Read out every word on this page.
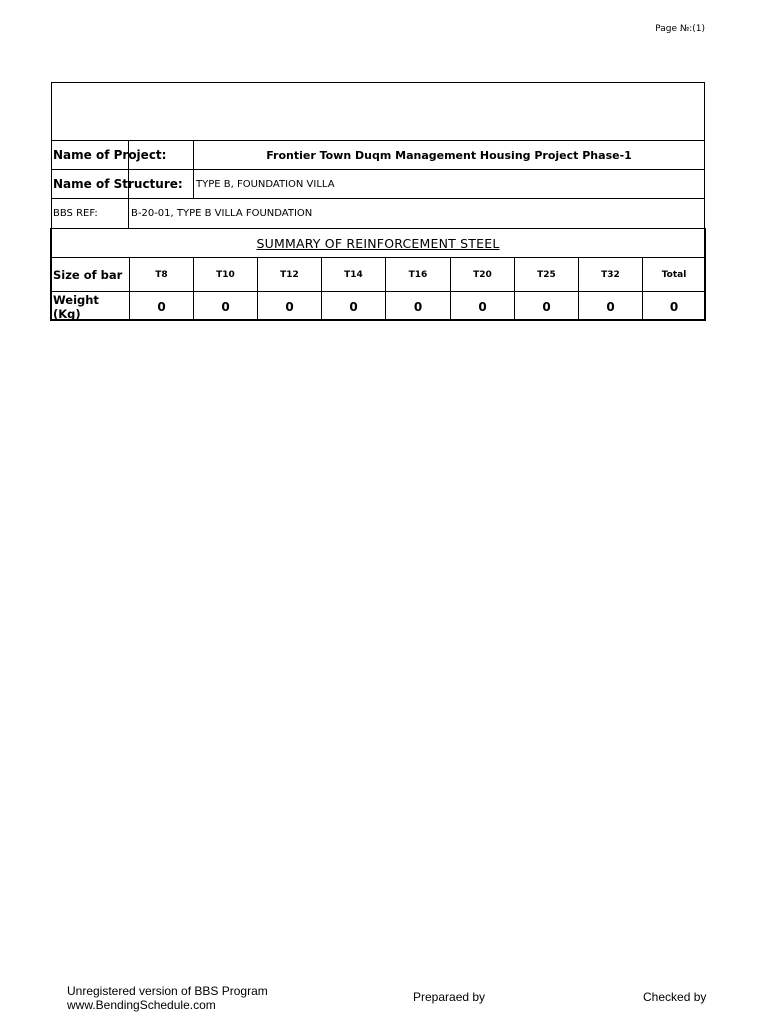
Page №:(1)
Name of Project:	Frontier Town Duqm Management Housing Project Phase-1
Name of Structure:	TYPE B, FOUNDATION VILLA
BBS REF:	B-20-01, TYPE B VILLA FOUNDATION
SUMMARY OF REINFORCEMENT STEEL
Size of bar	T8	T10	T12	T14	T16	T20	T25	T32	Total
Weight (Kg)	0	0	0	0	0	0	0	0	0
Unregistered version of BBS Program
www.BendingSchedule.com
Preparaed by	Checked by
